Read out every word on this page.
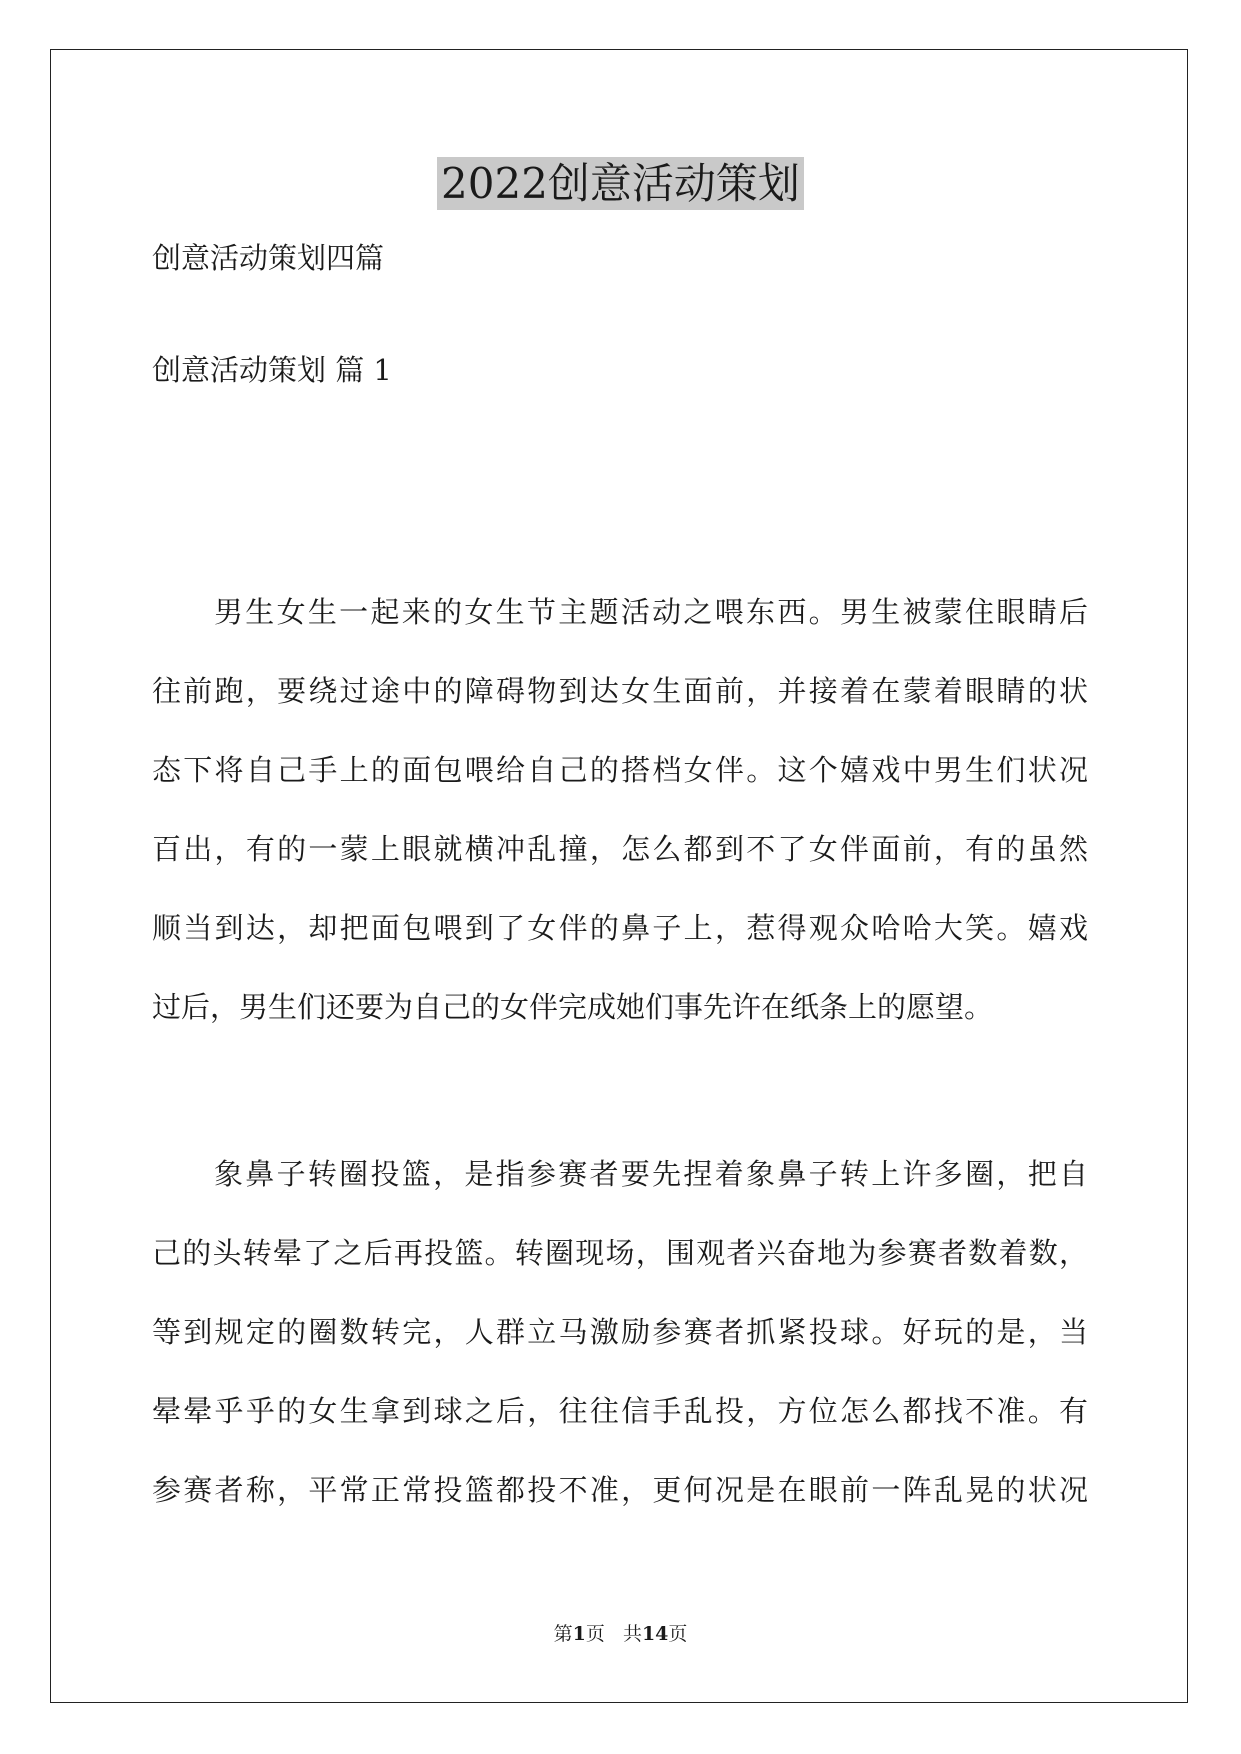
2022创意活动策划

创意活动策划四篇

创意活动策划 篇 1

男生女生一起来的女生节主题活动之喂东西。男生被蒙住眼睛后

往前跑，要绕过途中的障碍物到达女生面前，并接着在蒙着眼睛的状

态下将自己手上的面包喂给自己的搭档女伴。这个嬉戏中男生们状况

百出，有的一蒙上眼就横冲乱撞，怎么都到不了女伴面前，有的虽然

顺当到达，却把面包喂到了女伴的鼻子上，惹得观众哈哈大笑。嬉戏

过后，男生们还要为自己的女伴完成她们事先许在纸条上的愿望。

象鼻子转圈投篮，是指参赛者要先捏着象鼻子转上许多圈，把自

己的头转晕了之后再投篮。转圈现场，围观者兴奋地为参赛者数着数，

等到规定的圈数转完，人群立马激励参赛者抓紧投球。好玩的是，当

晕晕乎乎的女生拿到球之后，往往信手乱投，方位怎么都找不准。有

参赛者称，平常正常投篮都投不准，更何况是在眼前一阵乱晃的状况

第1页   共14页
